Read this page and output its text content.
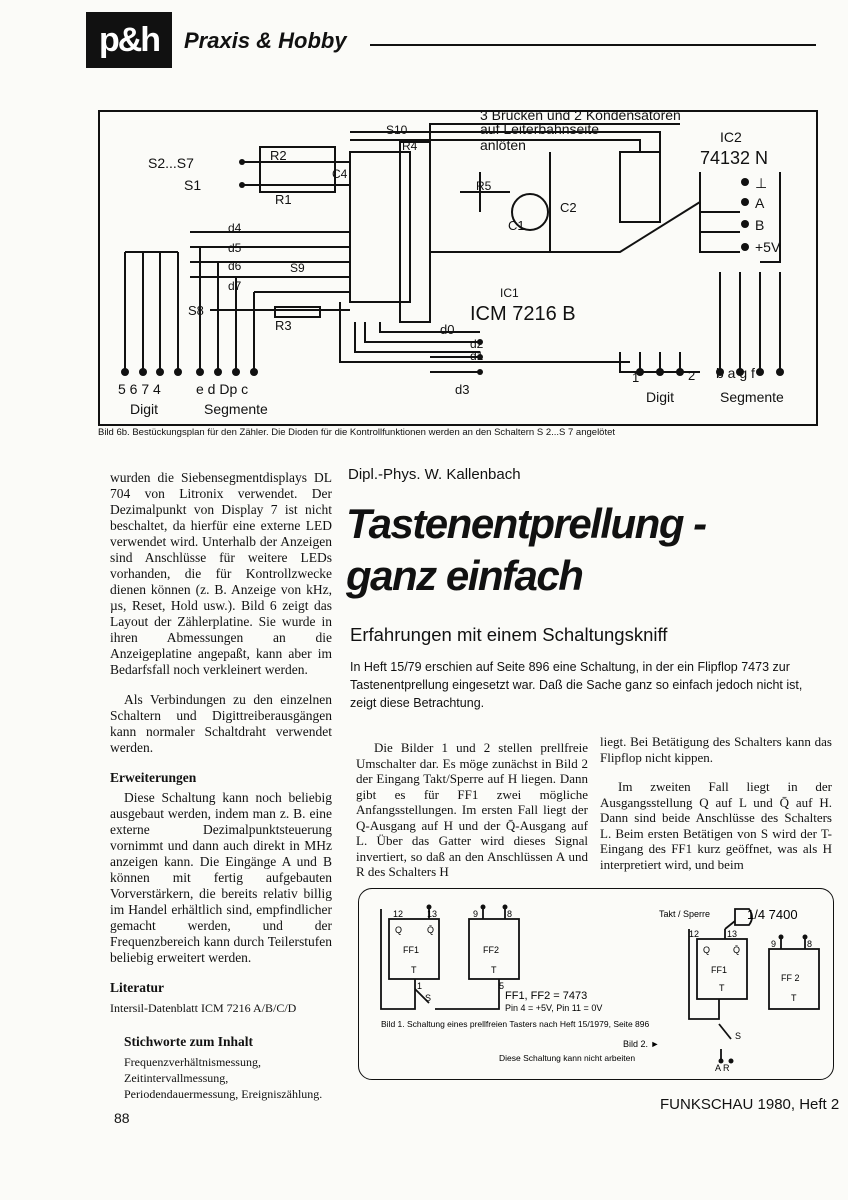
p&h Praxis & Hobby
3 Brücken und 2 Kondensatoren
auf Leiterbahnseite
anlöten	IC2
74132 N
S2...S7
S1
R2
R1
R3
R4
R5
S10
S9
S8
C1
C2
C4
IC1
ICM 7216 B
⊥
A
B
+5V
d0
d1
d2
d3
d5
d6
d7
d4
5 6 7 4	e d Dp c
Digit	Segmente
1	2
Digit
b a g f
Segmente
Bild 6b. Bestückungsplan für den Zähler. Die Dioden für die Kontrollfunktionen werden an den Schaltern S 2...S 7 angelötet

wurden die Siebensegmentdisplays DL 704 von Litronix verwendet. Der Dezimalpunkt von Display 7 ist nicht beschaltet, da hierfür eine externe LED verwendet wird. Unterhalb der Anzeigen sind Anschlüsse für weitere LEDs vorhanden, die für Kontrollzwecke dienen können (z. B. Anzeige von kHz, µs, Reset, Hold usw.). Bild 6 zeigt das Layout der Zählerplatine. Sie wurde in ihren Abmessungen an die Anzeigeplatine angepaßt, kann aber im Bedarfsfall noch verkleinert werden.

Als Verbindungen zu den einzelnen Schaltern und Digittreiberausgängen kann normaler Schaltdraht verwendet werden.

Erweiterungen

Diese Schaltung kann noch beliebig ausgebaut werden, indem man z. B. eine externe Dezimalpunktsteuerung vornimmt und dann auch direkt in MHz anzeigen kann. Die Eingänge A und B können mit fertig aufgebauten Vorverstärkern, die bereits relativ billig im Handel erhältlich sind, empfindlicher gemacht werden, und der Frequenzbereich kann durch Teilerstufen beliebig erweitert werden.

Literatur

Intersil-Datenblatt ICM 7216 A/B/C/D

Stichworte zum Inhalt

Frequenzverhältnismessung, Zeitintervallmessung, Periodendauermessung, Ereigniszählung.

Dipl.-Phys. W. Kallenbach
Tastenentprellung -
ganz einfach
Erfahrungen mit einem Schaltungskniff
In Heft 15/79 erschien auf Seite 896 eine Schaltung, in der ein Flipflop 7473 zur Tastenentprellung eingesetzt war. Daß die Sache ganz so einfach jedoch nicht ist, zeigt diese Betrachtung.

Die Bilder 1 und 2 stellen prellfreie Umschalter dar. Es möge zunächst in Bild 2 der Eingang Takt/Sperre auf H liegen. Dann gibt es für FF1 zwei mögliche Anfangsstellungen. Im ersten Fall liegt der Q-Ausgang auf H und der Q̄-Ausgang auf L. Über das Gatter wird dieses Signal invertiert, so daß an den Anschlüssen A und R des Schalters H

liegt. Bei Betätigung des Schalters kann das Flipflop nicht kippen.

Im zweiten Fall liegt in der Ausgangsstellung Q auf L und Q̄ auf H. Dann sind beide Anschlüsse des Schalters L. Beim ersten Betätigen von S wird der T-Eingang des FF1 kurz geöffnet, was als H interpretiert wird, und beim

12	13	9	8
Q	Q̄
FF1	FF2
T	T
S
1	5
FF1, FF2 = 7473
Pin 4 = +5V, Pin 11 = 0V
Bild 1. Schaltung eines prellfreien Tasters nach Heft 15/1979, Seite 896
Takt / Sperre	1/4 7400
12	13
9	8
Q	Q̄
FF1
FF 2
T
T
S
A R
Bild 2. ►
Diese Schaltung kann nicht arbeiten
88
FUNKSCHAU 1980, Heft 2
